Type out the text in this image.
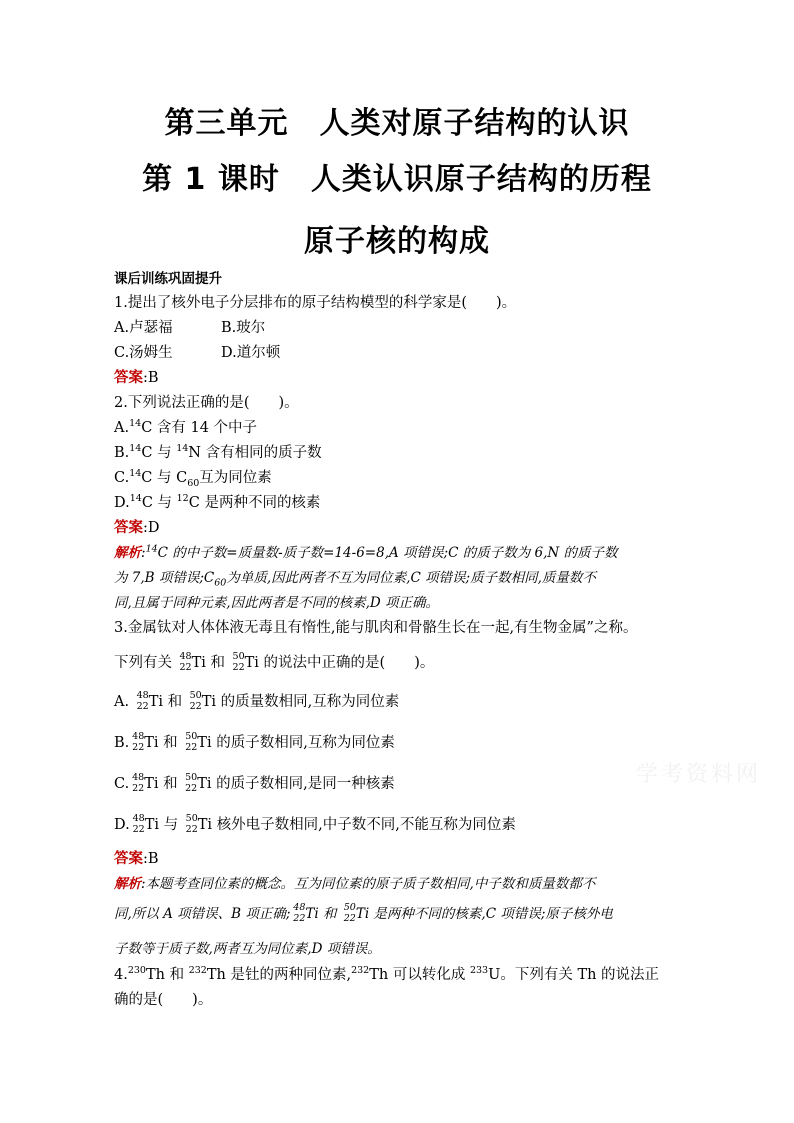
第三单元　人类对原子结构的认识
第 1 课时　人类认识原子结构的历程
原子核的构成
课后训练巩固提升
1.提出了核外电子分层排布的原子结构模型的科学家是(　　)。
A.卢瑟福	B.玻尔
C.汤姆生	D.道尔顿
答案:B
2.下列说法正确的是(　　)。
A.$^{14}$C 含有 14 个中子
B.$^{14}$C 与 $^{14}$N 含有相同的质子数
C.$^{14}$C 与 $C_{60}$互为同位素
D.$^{14}$C 与 $^{12}$C 是两种不同的核素
答案:D
解析:$^{14}$C 的中子数=质量数-质子数=14-6=8,A 项错误;C 的质子数为 6,N 的质子数
为 7,B 项错误$;C_{60}$为单质,因此两者不互为同位素,C 项错误;质子数相同,质量数不
同,且属于同种元素,因此两者是不同的核素,D 项正确。
3.金属钛对人体体液无毒且有惰性,能与肌肉和骨骼生长在一起,有生物金属”之称。
下列有关 48
22 Ti 和 50
22 Ti 的说法中正确的是(　　)。
A. 48
22 Ti 和 50
22 Ti 的质量数相同,互称为同位素
B. 48
22 Ti 和 50
22 Ti 的质子数相同,互称为同位素
C. 48
22 Ti 和 50
22 Ti 的质子数相同,是同一种核素
D. 48
22 Ti 与 50
22 Ti 核外电子数相同,中子数不同,不能互称为同位素
答案:B
解析:本题考查同位素的概念。互为同位素的原子质子数相同,中子数和质量数都不
同,所以 A 项错误、B 项正确; 48
22 Ti 和 50
22 Ti 是两种不同的核素,C 项错误;原子核外电
子数等于质子数,两者互为同位素,D 项错误。
4.$^{230}$Th 和 $^{232}$Th 是钍的两种同位素,$^{232}$Th 可以转化成 $^{233}$U。下列有关 Th 的说法正
确的是(　　)。
学考资料网
